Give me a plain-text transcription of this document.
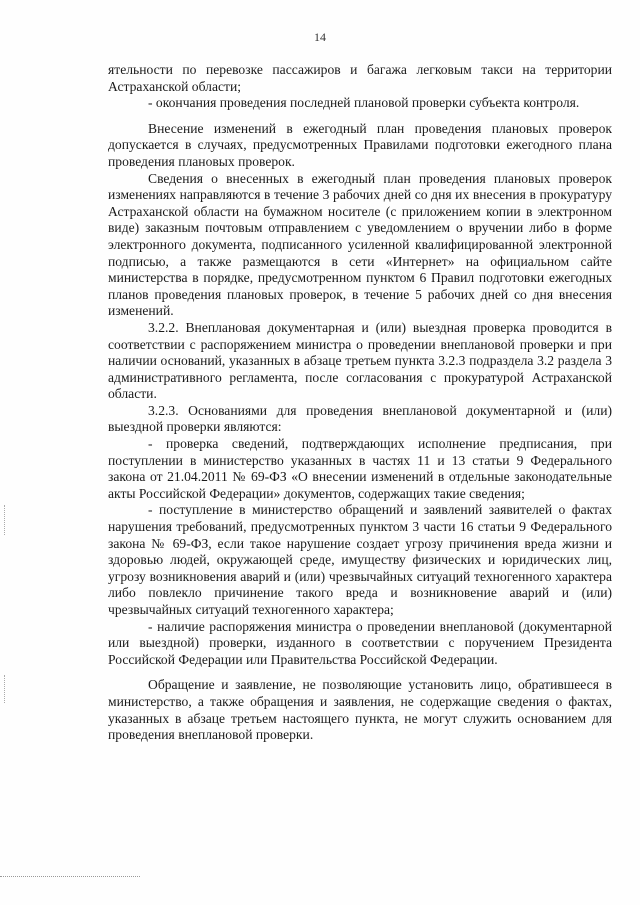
14

ятельности по перевозке пассажиров и багажа легковым такси на территории Астраханской области;

- окончания проведения последней плановой проверки субъекта контроля.

Внесение изменений в ежегодный план проведения плановых проверок допускается в случаях, предусмотренных Правилами подготовки ежегодного плана проведения плановых проверок.

Сведения о внесенных в ежегодный план проведения плановых проверок изменениях направляются в течение 3 рабочих дней со дня их внесения в прокуратуру Астраханской области на бумажном носителе (с приложением копии в электронном виде) заказным почтовым отправлением с уведомлением о вручении либо в форме электронного документа, подписанного усиленной квалифицированной электронной подписью, а также размещаются в сети «Интернет» на официальном сайте министерства в порядке, предусмотренном пунктом 6 Правил подготовки ежегодных планов проведения плановых проверок, в течение 5 рабочих дней со дня внесения изменений.

3.2.2. Внеплановая документарная и (или) выездная проверка проводится в соответствии с распоряжением министра о проведении внеплановой проверки и при наличии оснований, указанных в абзаце третьем пункта 3.2.3 подраздела 3.2 раздела 3 административного регламента, после согласования с прокуратурой Астраханской области.

3.2.3. Основаниями для проведения внеплановой документарной и (или) выездной проверки являются:

- проверка сведений, подтверждающих исполнение предписания, при поступлении в министерство указанных в частях 11 и 13 статьи 9 Федерального закона от 21.04.2011 № 69-ФЗ «О внесении изменений в отдельные законодательные акты Российской Федерации» документов, содержащих такие сведения;

- поступление в министерство обращений и заявлений заявителей о фактах нарушения требований, предусмотренных пунктом 3 части 16 статьи 9 Федерального закона № 69-ФЗ, если такое нарушение создает угрозу причинения вреда жизни и здоровью людей, окружающей среде, имуществу физических и юридических лиц, угрозу возникновения аварий и (или) чрезвычайных ситуаций техногенного характера либо повлекло причинение такого вреда и возникновение аварий и (или) чрезвычайных ситуаций техногенного характера;

- наличие распоряжения министра о проведении внеплановой (документарной или выездной) проверки, изданного в соответствии с поручением Президента Российской Федерации или Правительства Российской Федерации.

Обращение и заявление, не позволяющие установить лицо, обратившееся в министерство, а также обращения и заявления, не содержащие сведения о фактах, указанных в абзаце третьем настоящего пункта, не могут служить основанием для проведения внеплановой проверки.
